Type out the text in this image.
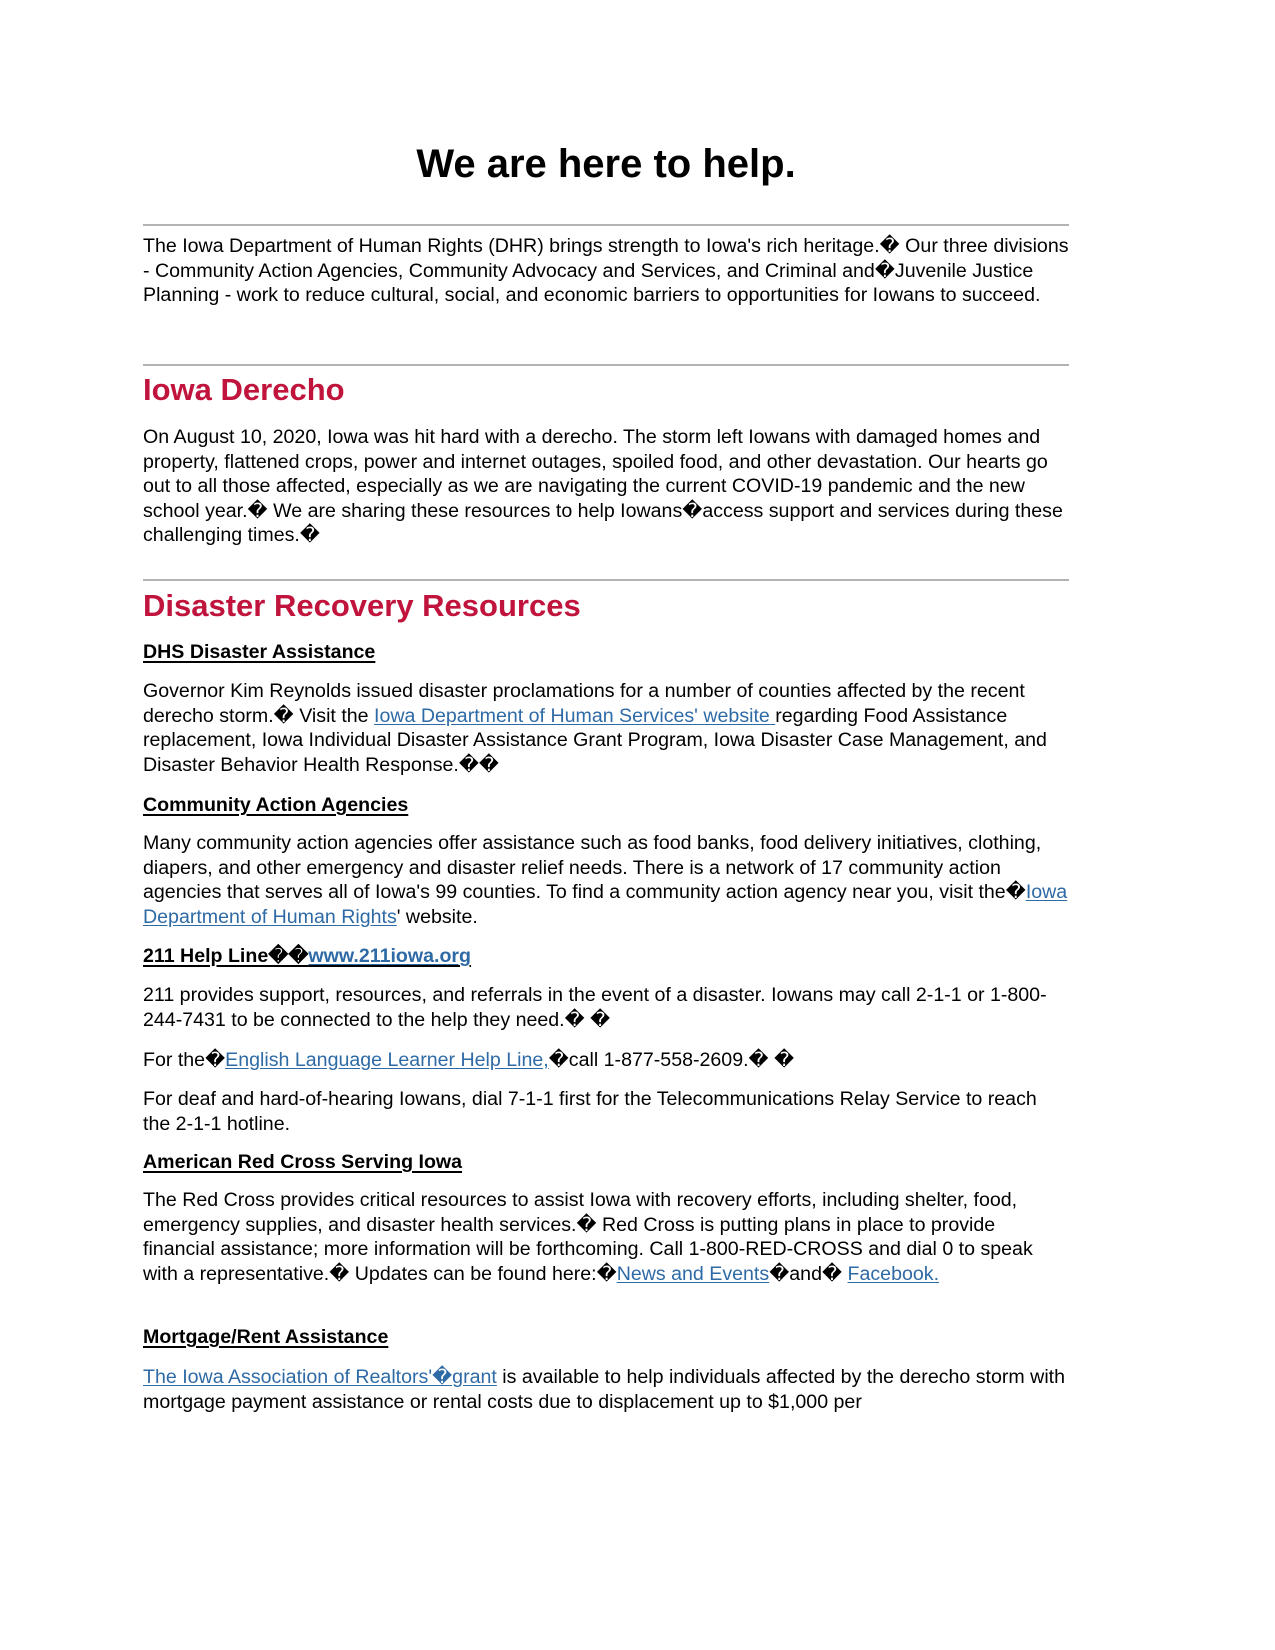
We are here to help.

The Iowa Department of Human Rights (DHR) brings strength to Iowa's rich heritage.� Our three divisions - Community Action Agencies, Community Advocacy and Services, and Criminal and�Juvenile Justice Planning - work to reduce cultural, social, and economic barriers to opportunities for Iowans to succeed.

Iowa Derecho

On August 10, 2020, Iowa was hit hard with a derecho. The storm left Iowans with damaged homes and property, flattened crops, power and internet outages, spoiled food, and other devastation. Our hearts go out to all those affected, especially as we are navigating the current COVID-19 pandemic and the new school year.� We are sharing these resources to help Iowans�access support and services during these challenging times.�

Disaster Recovery Resources
DHS Disaster Assistance

Governor Kim Reynolds issued disaster proclamations for a number of counties affected by the recent derecho storm.� Visit the Iowa Department of Human Services' website regarding Food Assistance replacement, Iowa Individual Disaster Assistance Grant Program, Iowa Disaster Case Management, and Disaster Behavior Health Response.��

Community Action Agencies

Many community action agencies offer assistance such as food banks, food delivery initiatives, clothing, diapers, and other emergency and disaster relief needs. There is a network of 17 community action agencies that serves all of Iowa's 99 counties. To find a community action agency near you, visit the�Iowa Department of Human Rights' website.

211 Help Line��www.211iowa.org

211 provides support, resources, and referrals in the event of a disaster. Iowans may call 2-1-1 or 1-800-244-7431 to be connected to the help they need.� �

For the�English Language Learner Help Line,�call 1-877-558-2609.� �

For deaf and hard-of-hearing Iowans, dial 7-1-1 first for the Telecommunications Relay Service to reach the 2-1-1 hotline.

American Red Cross Serving Iowa

The Red Cross provides critical resources to assist Iowa with recovery efforts, including shelter, food, emergency supplies, and disaster health services.� Red Cross is putting plans in place to provide financial assistance; more information will be forthcoming. Call 1-800-RED-CROSS and dial 0 to speak with a representative.� Updates can be found here:�News and Events�and� Facebook.

Mortgage/Rent Assistance

The Iowa Association of Realtors'�grant is available to help individuals affected by the derecho storm with mortgage payment assistance or rental costs due to displacement up to $1,000 per
